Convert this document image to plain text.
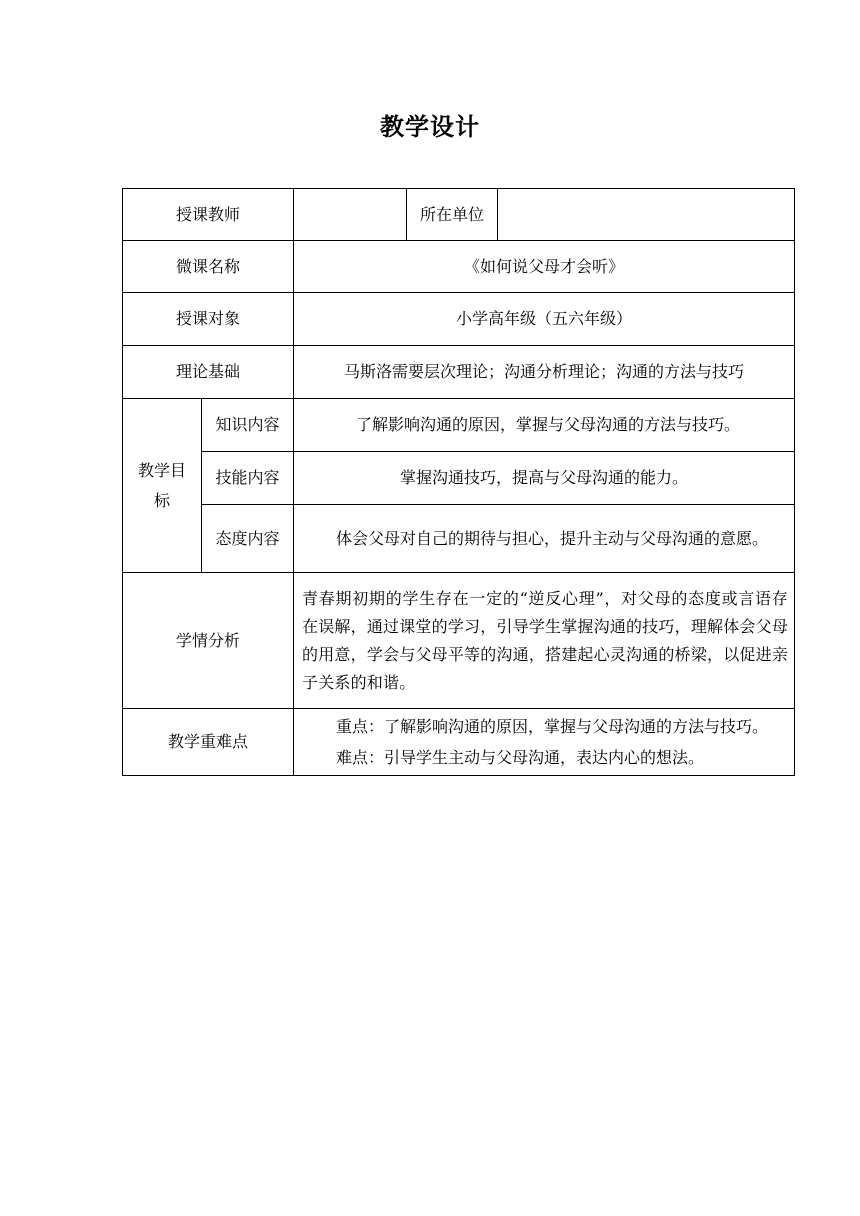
教学设计
授课教师			所在单位	
微课名称		《如何说父母才会听》		
授课对象		小学高年级（五六年级）		
理论基础		马斯洛需要层次理论；沟通分析理论；沟通的方法与技巧		

教学目标	知识内容	了解影响沟通的原因，掌握与父母沟通的方法与技巧。		

	技能内容	掌握沟通技巧，提高与父母沟通的能力。		
	态度内容	体会父母对自己的期待与担心，提升主动与父母沟通的意愿。		

学情分析		青春期初期的学生存在一定的“逆反心理”，对父母的态度或言语存在误解，通过课堂的学习，引导学生掌握沟通的技巧，理解体会父母的用意，学会与父母平等的沟通，搭建起心灵沟通的桥梁，以促进亲子关系的和谐。		

教学重难点		重点：了解影响沟通的原因，掌握与父母沟通的方法与技巧。
难点：引导学生主动与父母沟通，表达内心的想法。		
